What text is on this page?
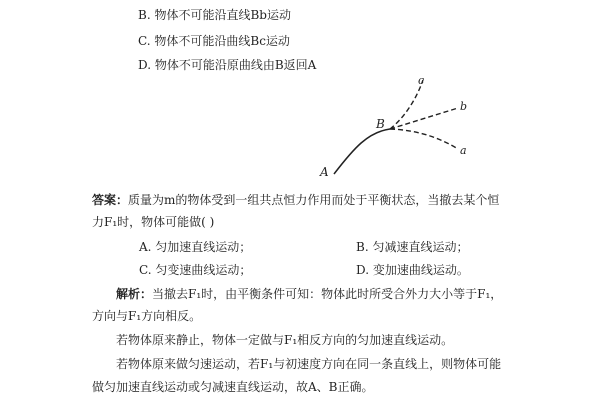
B. 物体不可能沿直线Bb运动
C. 物体不可能沿曲线Bc运动
D. 物体不可能沿原曲线由B返回A
A
B
c
b
a
答案：质量为m的物体受到一组共点恒力作用而处于平衡状态，当撤去某个恒
力F₁时，物体可能做( )
A. 匀加速直线运动；	B. 匀减速直线运动；
C. 匀变速曲线运动；	D. 变加速曲线运动。
解析：当撤去F₁时，由平衡条件可知：物体此时所受合外力大小等于F₁，
方向与F₁方向相反。
若物体原来静止，物体一定做与F₁相反方向的匀加速直线运动。
若物体原来做匀速运动，若F₁与初速度方向在同一条直线上，则物体可能
做匀加速直线运动或匀减速直线运动，故A、B正确。
